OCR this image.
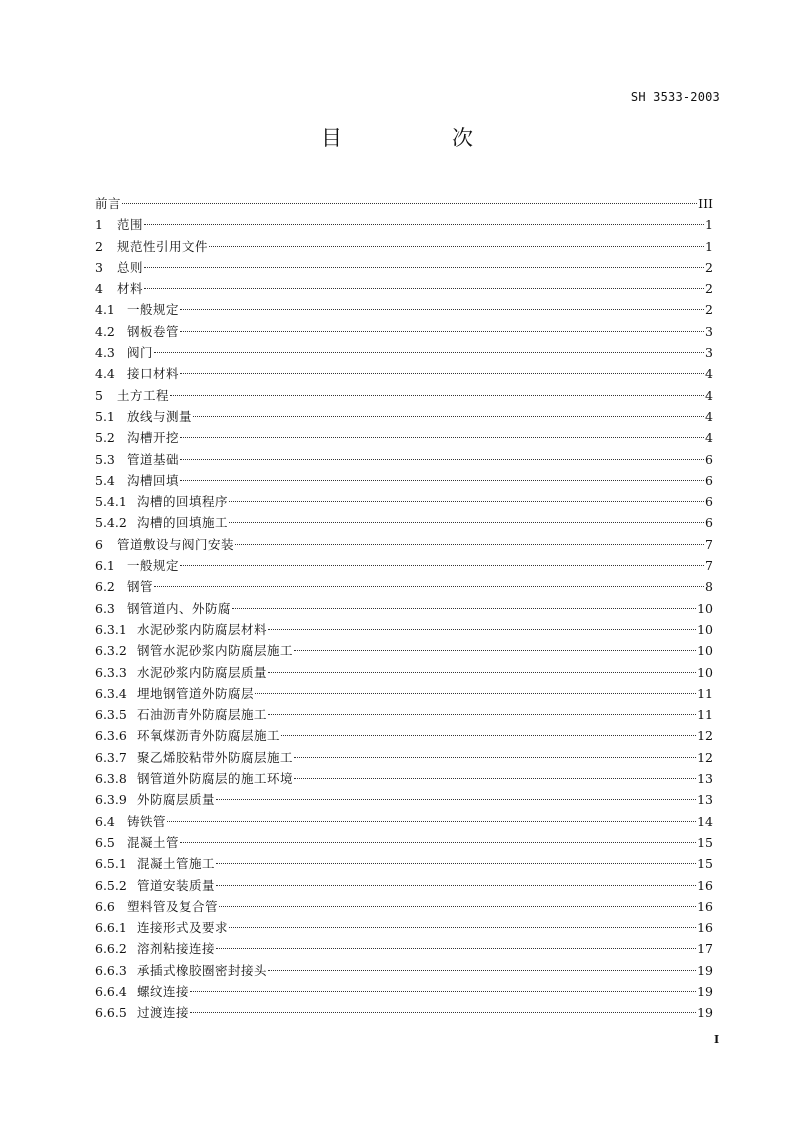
SH 3533-2003
目	次
前言	III
1	范围	1
2	规范性引用文件	1
3	总则	2
4	材料	2
4.1 一般规定	2
4.2 钢板卷管	3
4.3 阀门	3
4.4 接口材料	4
5	土方工程	4
5.1 放线与测量	4
5.2 沟槽开挖	4
5.3 管道基础	6
5.4 沟槽回填	6
5.4.1 沟槽的回填程序	6
5.4.2 沟槽的回填施工	6
6	管道敷设与阀门安装	7
6.1 一般规定	7
6.2 钢管	8
6.3 钢管道内、外防腐	10
6.3.1 水泥砂浆内防腐层材料	10
6.3.2 钢管水泥砂浆内防腐层施工	10
6.3.3 水泥砂浆内防腐层质量	10
6.3.4 埋地钢管道外防腐层	11
6.3.5 石油沥青外防腐层施工	11
6.3.6 环氧煤沥青外防腐层施工	12
6.3.7 聚乙烯胶粘带外防腐层施工	12
6.3.8 钢管道外防腐层的施工环境	13
6.3.9 外防腐层质量	13
6.4 铸铁管	14
6.5 混凝土管	15
6.5.1 混凝土管施工	15
6.5.2 管道安装质量	16
6.6 塑料管及复合管	16
6.6.1 连接形式及要求	16
6.6.2 溶剂粘接连接	17
6.6.3 承插式橡胶圈密封接头	19
6.6.4 螺纹连接	19
6.6.5 过渡连接	19
I
